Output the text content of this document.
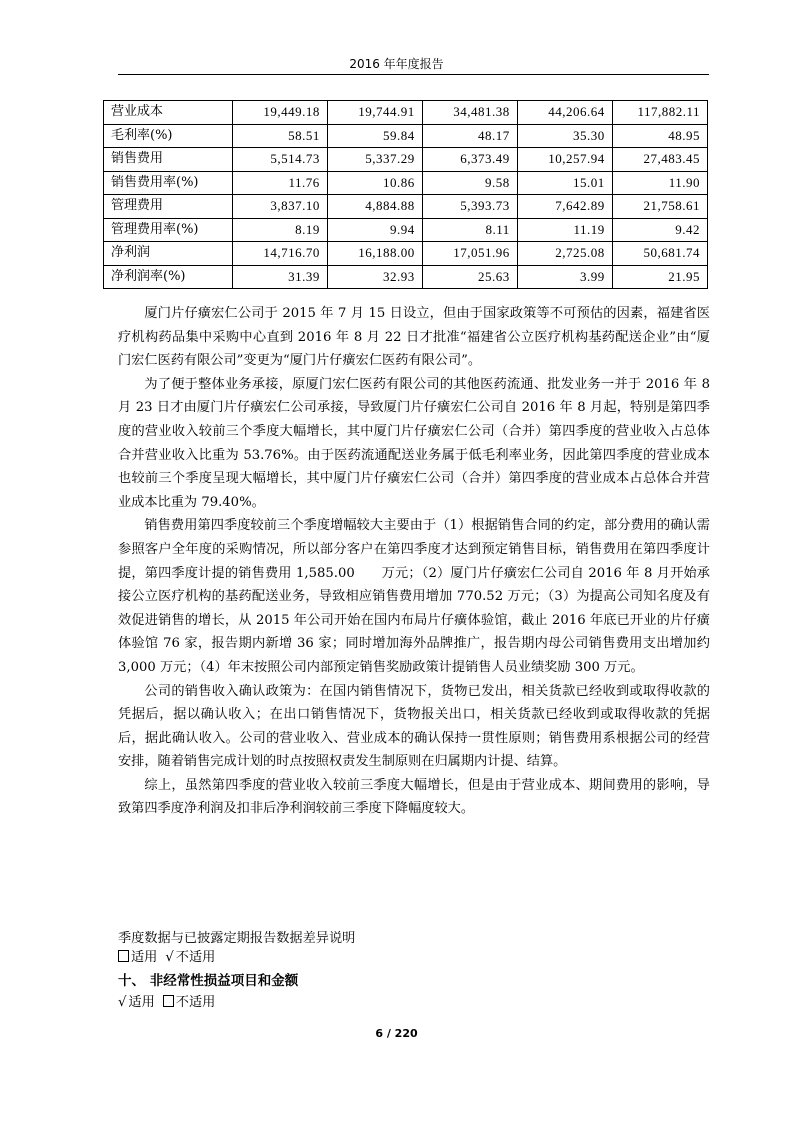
2016 年年度报告
营业成本	19,449.18	19,744.91	34,481.38	44,206.64	117,882.11
毛利率(%)	58.51	59.84	48.17	35.30	48.95
销售费用	5,514.73	5,337.29	6,373.49	10,257.94	27,483.45
销售费用率(%)	11.76	10.86	9.58	15.01	11.90
管理费用	3,837.10	4,884.88	5,393.73	7,642.89	21,758.61
管理费用率(%)	8.19	9.94	8.11	11.19	9.42
净利润	14,716.70	16,188.00	17,051.96	2,725.08	50,681.74
净利润率(%)	31.39	32.93	25.63	3.99	21.95

厦门片仔癀宏仁公司于 2015 年 7 月 15 日设立，但由于国家政策等不可预估的因素，福建省医疗机构药品集中采购中心直到 2016 年 8 月 22 日才批准“福建省公立医疗机构基药配送企业”由“厦门宏仁医药有限公司”变更为“厦门片仔癀宏仁医药有限公司”。

为了便于整体业务承接，原厦门宏仁医药有限公司的其他医药流通、批发业务一并于 2016 年 8 月 23 日才由厦门片仔癀宏仁公司承接，导致厦门片仔癀宏仁公司自 2016 年 8 月起，特别是第四季度的营业收入较前三个季度大幅增长，其中厦门片仔癀宏仁公司（合并）第四季度的营业收入占总体合并营业收入比重为 53.76%。由于医药流通配送业务属于低毛利率业务，因此第四季度的营业成本也较前三个季度呈现大幅增长，其中厦门片仔癀宏仁公司（合并）第四季度的营业成本占总体合并营业成本比重为 79.40%。

销售费用第四季度较前三个季度增幅较大主要由于（1）根据销售合同的约定，部分费用的确认需参照客户全年度的采购情况，所以部分客户在第四季度才达到预定销售目标，销售费用在第四季度计提，第四季度计提的销售费用 1,585.00　　万元；（2）厦门片仔癀宏仁公司自 2016 年 8 月开始承接公立医疗机构的基药配送业务，导致相应销售费用增加 770.52 万元；（3）为提高公司知名度及有效促进销售的增长，从 2015 年公司开始在国内布局片仔癀体验馆，截止 2016 年底已开业的片仔癀体验馆 76 家，报告期内新增 36 家；同时增加海外品牌推广，报告期内母公司销售费用支出增加约 3,000 万元；（4）年末按照公司内部预定销售奖励政策计提销售人员业绩奖励 300 万元。

公司的销售收入确认政策为：在国内销售情况下，货物已发出，相关货款已经收到或取得收款的凭据后，据以确认收入；在出口销售情况下，货物报关出口，相关货款已经收到或取得收款的凭据后，据此确认收入。公司的营业收入、营业成本的确认保持一贯性原则；销售费用系根据公司的经营安排，随着销售完成计划的时点按照权责发生制原则在归属期内计提、结算。

综上，虽然第四季度的营业收入较前三季度大幅增长，但是由于营业成本、期间费用的影响，导致第四季度净利润及扣非后净利润较前三季度下降幅度较大。

季度数据与已披露定期报告数据差异说明
适用 √ 不适用
十、 非经常性损益项目和金额
√ 适用 不适用
6 / 220
